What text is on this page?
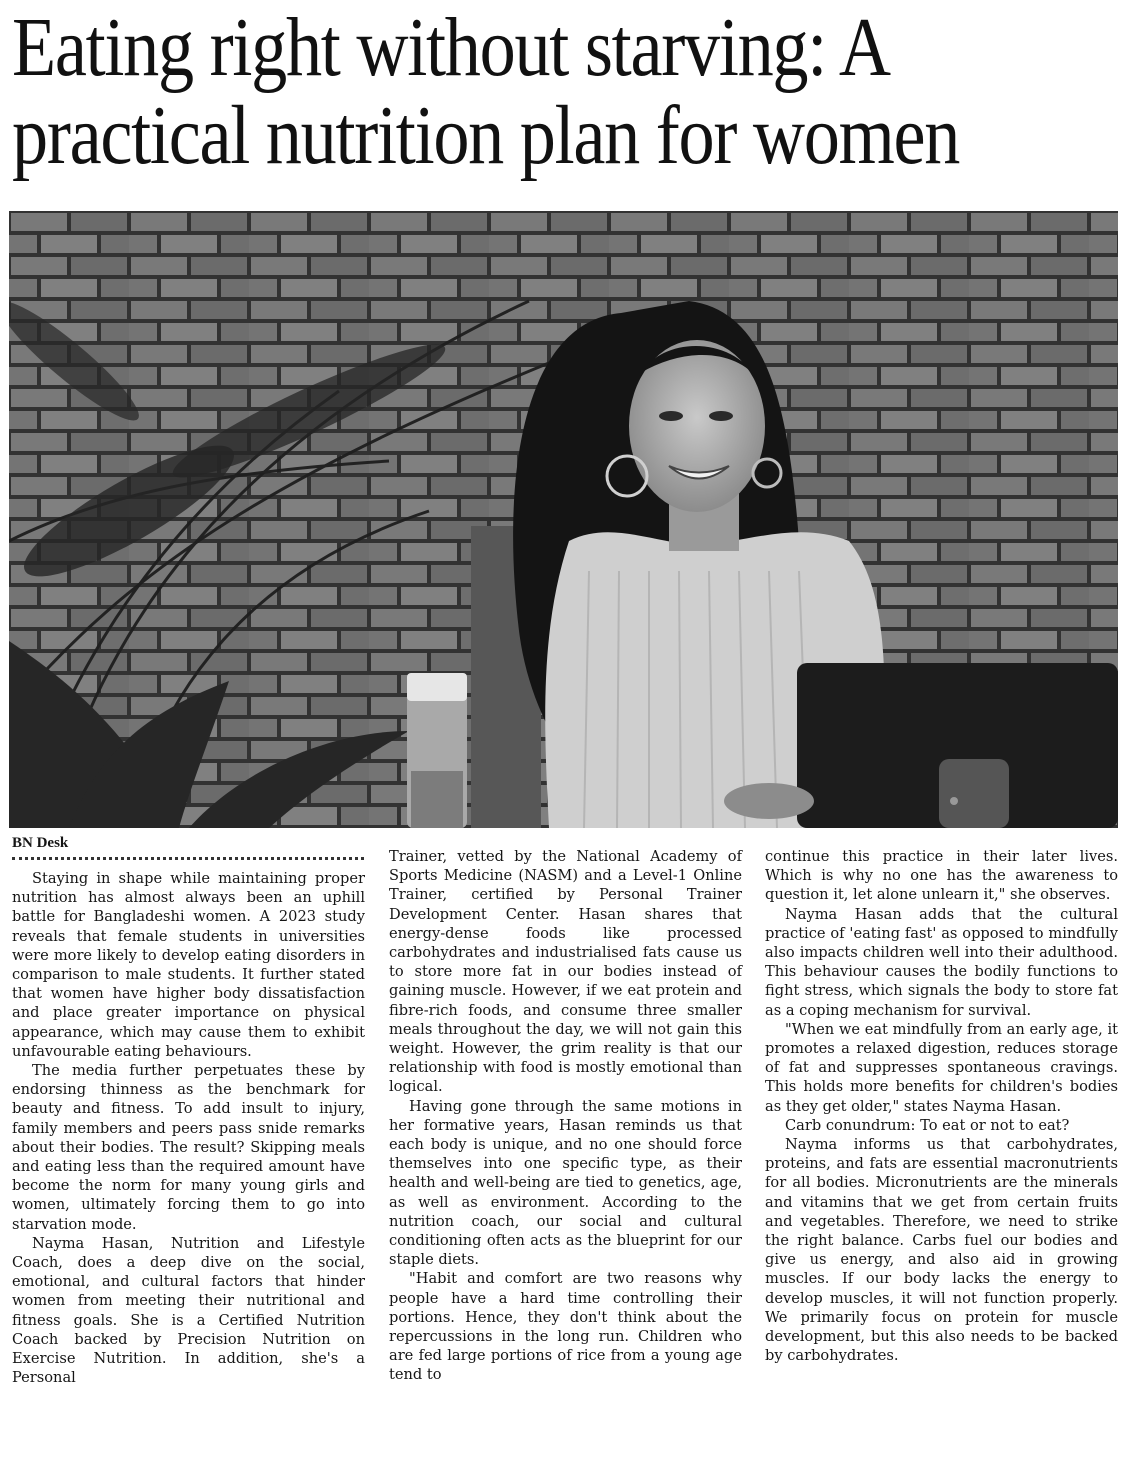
Eating right without starving: A
practical nutrition plan for women
BN Desk

Staying in shape while maintaining proper nutrition has almost always been an uphill battle for Bangladeshi women. A 2023 study reveals that female students in universities were more likely to develop eating disorders in comparison to male students. It further stated that women have higher body dissatisfaction and place greater importance on physical appearance, which may cause them to exhibit unfavourable eating behaviours.

The media further perpetuates these by endorsing thinness as the benchmark for beauty and fitness. To add insult to injury, family members and peers pass snide remarks about their bodies. The result? Skipping meals and eating less than the required amount have become the norm for many young girls and women, ultimately forcing them to go into starvation mode.

Nayma Hasan, Nutrition and Lifestyle Coach, does a deep dive on the social, emotional, and cultural factors that hinder women from meeting their nutritional and fitness goals. She is a Certified Nutrition Coach backed by Precision Nutrition on Exercise Nutrition. In addition, she's a Personal

Trainer, vetted by the National Academy of Sports Medicine (NASM) and a Level-1 Online Trainer, certified by Personal Trainer Development Center. Hasan shares that energy-dense foods like processed carbohydrates and industrialised fats cause us to store more fat in our bodies instead of gaining muscle. However, if we eat protein and fibre-rich foods, and consume three smaller meals throughout the day, we will not gain this weight. However, the grim reality is that our relationship with food is mostly emotional than logical.

Having gone through the same motions in her formative years, Hasan reminds us that each body is unique, and no one should force themselves into one specific type, as their health and well-being are tied to genetics, age, as well as environment. According to the nutrition coach, our social and cultural conditioning often acts as the blueprint for our staple diets.

"Habit and comfort are two reasons why people have a hard time controlling their portions. Hence, they don't think about the repercussions in the long run. Children who are fed large portions of rice from a young age tend to

continue this practice in their later lives. Which is why no one has the awareness to question it, let alone unlearn it," she observes.

Nayma Hasan adds that the cultural practice of 'eating fast' as opposed to mindfully also impacts children well into their adulthood. This behaviour causes the bodily functions to fight stress, which signals the body to store fat as a coping mechanism for survival.

"When we eat mindfully from an early age, it promotes a relaxed digestion, reduces storage of fat and suppresses spontaneous cravings. This holds more benefits for children's bodies as they get older," states Nayma Hasan.

Carb conundrum: To eat or not to eat?

Nayma informs us that carbohydrates, proteins, and fats are essential macronutrients for all bodies. Micronutrients are the minerals and vitamins that we get from certain fruits and vegetables. Therefore, we need to strike the right balance. Carbs fuel our bodies and give us energy, and also aid in growing muscles. If our body lacks the energy to develop muscles, it will not function properly. We primarily focus on protein for muscle development, but this also needs to be backed by carbohydrates.
